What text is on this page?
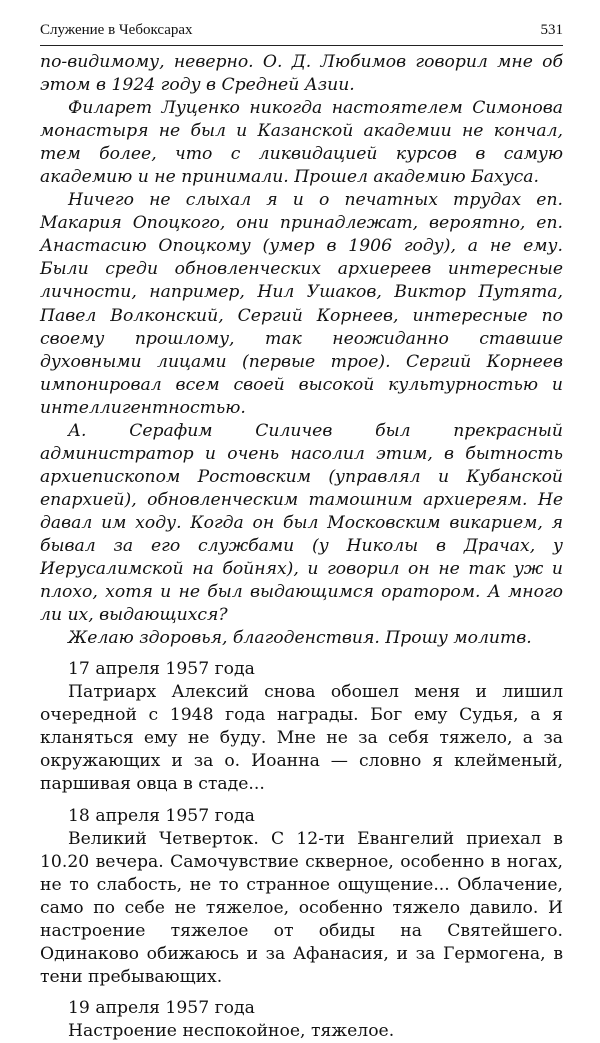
Служение в Чебоксарах	531

по-видимому, неверно. О. Д. Любимов говорил мне об этом в 1924 году в Средней Азии.

Филарет Луценко никогда настоятелем Симонова монастыря не был и Казанской академии не кончал, тем более, что с ликвидацией курсов в самую академию и не принимали. Прошел академию Бахуса.

Ничего не слыхал я и о печатных трудах еп. Макария Опоцкого, они принадлежат, вероятно, еп. Анастасию Опоцкому (умер в 1906 году), а не ему. Были среди обновленческих архиереев интересные личности, например, Нил Ушаков, Виктор Путята, Павел Волконский, Сергий Корнеев, интересные по своему прошлому, так неожиданно ставшие духовными лицами (первые трое). Сергий Корнеев импонировал всем своей высокой культурностью и интеллигентностью.

А. Серафим Силичев был прекрасный администратор и очень насолил этим, в бытность архиепископом Ростовским (управлял и Кубанской епархией), обновленческим тамошним архиереям. Не давал им ходу. Когда он был Московским викарием, я бывал за его службами (у Николы в Драчах, у Иерусалимской на бойнях), и говорил он не так уж и плохо, хотя и не был выдающимся оратором. А много ли их, выдающихся?

Желаю здоровья, благоденствия. Прошу молитв.

17 апреля 1957 года

Патриарх Алексий снова обошел меня и лишил очередной с 1948 года награды. Бог ему Судья, а я кланяться ему не буду. Мне не за себя тяжело, а за окружающих и за о. Иоанна — словно я клейменый, паршивая овца в стаде...

18 апреля 1957 года

Великий Четверток. С 12-ти Евангелий приехал в 10.20 вечера. Самочувствие скверное, особенно в ногах, не то слабость, не то странное ощущение... Облачение, само по себе не тяжелое, особенно тяжело давило. И настроение тяжелое от обиды на Святейшего. Одинаково обижаюсь и за Афанасия, и за Гермогена, в тени пребывающих.

19 апреля 1957 года

Настроение неспокойное, тяжелое.
